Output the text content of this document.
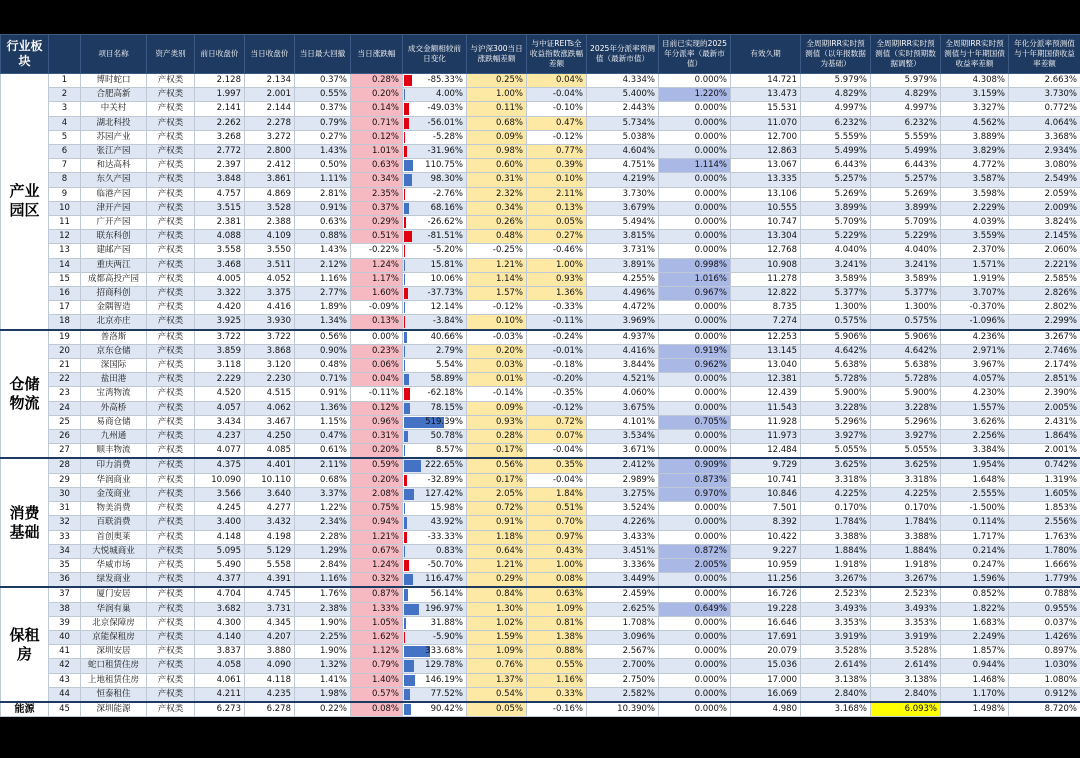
行业板块		项目名称	资产类别	前日收盘价	当日收盘价	当日最大回撤	当日涨跌幅	成交金额相较前日变化	与沪深300当日涨跌幅差额	与中证REITs全收益指数涨跌幅差额	2025年分派率预测值（最新市值）	目前已实现的2025年分派率（最新市值）	有效久期	全周期IRR实时预测值（以年报数据为基础）	全周期IRR实时预测值（实时预期数据调整）	全周期IRR实时预测值与十年期国债收益率差额	年化分派率预测值与十年期国债收益率差额
产业园区	1	博时蛇口	产权类	2.128	2.134	0.37%	0.28%	-85.33%	0.25%	0.04%	4.334%	0.000%	14.721	5.979%	5.979%	4.308%	2.663%
	2	合肥高新	产权类	1.997	2.001	0.55%	0.20%	4.00%	1.00%	-0.04%	5.400%	1.220%	13.473	4.829%	4.829%	3.159%	3.730%
	3	中关村	产权类	2.141	2.144	0.37%	0.14%	-49.03%	0.11%	-0.10%	2.443%	0.000%	15.531	4.997%	4.997%	3.327%	0.772%
	4	湖北科投	产权类	2.262	2.278	0.79%	0.71%	-56.01%	0.68%	0.47%	5.734%	0.000%	11.070	6.232%	6.232%	4.562%	4.064%
	5	苏园产业	产权类	3.268	3.272	0.27%	0.12%	-5.28%	0.09%	-0.12%	5.038%	0.000%	12.700	5.559%	5.559%	3.889%	3.368%
	6	张江产园	产权类	2.772	2.800	1.43%	1.01%	-31.96%	0.98%	0.77%	4.604%	0.000%	12.863	5.499%	5.499%	3.829%	2.934%
	7	和达高科	产权类	2.397	2.412	0.50%	0.63%	110.75%	0.60%	0.39%	4.751%	1.114%	13.067	6.443%	6.443%	4.772%	3.080%
	8	东久产园	产权类	3.848	3.861	1.11%	0.34%	98.30%	0.31%	0.10%	4.219%	0.000%	13.335	5.257%	5.257%	3.587%	2.549%
	9	临港产园	产权类	4.757	4.869	2.81%	2.35%	-2.76%	2.32%	2.11%	3.730%	0.000%	13.106	5.269%	5.269%	3.598%	2.059%
	10	津开产园	产权类	3.515	3.528	0.91%	0.37%	68.16%	0.34%	0.13%	3.679%	0.000%	10.555	3.899%	3.899%	2.229%	2.009%
	11	广开产园	产权类	2.381	2.388	0.63%	0.29%	-26.62%	0.26%	0.05%	5.494%	0.000%	10.747	5.709%	5.709%	4.039%	3.824%
	12	联东科创	产权类	4.088	4.109	0.88%	0.51%	-81.51%	0.48%	0.27%	3.815%	0.000%	13.304	5.229%	5.229%	3.559%	2.145%
	13	建邮产园	产权类	3.558	3.550	1.43%	-0.22%	-5.20%	-0.25%	-0.46%	3.731%	0.000%	12.768	4.040%	4.040%	2.370%	2.060%
	14	重庆两江	产权类	3.468	3.511	2.12%	1.24%	15.81%	1.21%	1.00%	3.891%	0.998%	10.908	3.241%	3.241%	1.571%	2.221%
	15	成都高投产园	产权类	4.005	4.052	1.16%	1.17%	10.06%	1.14%	0.93%	4.255%	1.016%	11.278	3.589%	3.589%	1.919%	2.585%
	16	招商科创	产权类	3.322	3.375	2.77%	1.60%	-37.73%	1.57%	1.36%	4.496%	0.967%	12.822	5.377%	5.377%	3.707%	2.826%
	17	金隅智造	产权类	4.420	4.416	1.89%	-0.09%	12.14%	-0.12%	-0.33%	4.472%	0.000%	8.735	1.300%	1.300%	-0.370%	2.802%
	18	北京亦庄	产权类	3.925	3.930	1.34%	0.13%	-3.84%	0.10%	-0.11%	3.969%	0.000%	7.274	0.575%	0.575%	-1.096%	2.299%
仓储物流	19	普洛斯	产权类	3.722	3.722	0.56%	0.00%	40.66%	-0.03%	-0.24%	4.937%	0.000%	12.253	5.906%	5.906%	4.236%	3.267%
	20	京东仓储	产权类	3.859	3.868	0.90%	0.23%	2.79%	0.20%	-0.01%	4.416%	0.919%	13.145	4.642%	4.642%	2.971%	2.746%
	21	深国际	产权类	3.118	3.120	0.48%	0.06%	5.54%	0.03%	-0.18%	3.844%	0.962%	13.040	5.638%	5.638%	3.967%	2.174%
	22	盐田港	产权类	2.229	2.230	0.71%	0.04%	58.89%	0.01%	-0.20%	4.521%	0.000%	12.381	5.728%	5.728%	4.057%	2.851%
	23	宝湾物流	产权类	4.520	4.515	0.91%	-0.11%	-62.18%	-0.14%	-0.35%	4.060%	0.000%	12.439	5.900%	5.900%	4.230%	2.390%
	24	外高桥	产权类	4.057	4.062	1.36%	0.12%	78.15%	0.09%	-0.12%	3.675%	0.000%	11.543	3.228%	3.228%	1.557%	2.005%
	25	易商仓储	产权类	3.434	3.467	1.15%	0.96%	519.39%	0.93%	0.72%	4.101%	0.705%	11.928	5.296%	5.296%	3.626%	2.431%
	26	九州通	产权类	4.237	4.250	0.47%	0.31%	50.78%	0.28%	0.07%	3.534%	0.000%	11.973	3.927%	3.927%	2.256%	1.864%
	27	顺丰物流	产权类	4.077	4.085	0.61%	0.20%	8.57%	0.17%	-0.04%	3.671%	0.000%	12.484	5.055%	5.055%	3.384%	2.001%
消费基础	28	印力消费	产权类	4.375	4.401	2.11%	0.59%	222.65%	0.56%	0.35%	2.412%	0.909%	9.729	3.625%	3.625%	1.954%	0.742%
	29	华润商业	产权类	10.090	10.110	0.68%	0.20%	-32.89%	0.17%	-0.04%	2.989%	0.873%	10.741	3.318%	3.318%	1.648%	1.319%
	30	金茂商业	产权类	3.566	3.640	3.37%	2.08%	127.42%	2.05%	1.84%	3.275%	0.970%	10.846	4.225%	4.225%	2.555%	1.605%
	31	物美消费	产权类	4.245	4.277	1.22%	0.75%	15.98%	0.72%	0.51%	3.524%	0.000%	7.501	0.170%	0.170%	-1.500%	1.853%
	32	百联消费	产权类	3.400	3.432	2.34%	0.94%	43.92%	0.91%	0.70%	4.226%	0.000%	8.392	1.784%	1.784%	0.114%	2.556%
	33	首创奥莱	产权类	4.148	4.198	2.28%	1.21%	-33.33%	1.18%	0.97%	3.433%	0.000%	10.422	3.388%	3.388%	1.717%	1.763%
	34	大悦城商业	产权类	5.095	5.129	1.29%	0.67%	0.83%	0.64%	0.43%	3.451%	0.872%	9.227	1.884%	1.884%	0.214%	1.780%
	35	华威市场	产权类	5.490	5.558	2.84%	1.24%	-50.70%	1.21%	1.00%	3.336%	2.005%	10.959	1.918%	1.918%	0.247%	1.666%
	36	绿发商业	产权类	4.377	4.391	1.16%	0.32%	116.47%	0.29%	0.08%	3.449%	0.000%	11.256	3.267%	3.267%	1.596%	1.779%
保租房	37	厦门安居	产权类	4.704	4.745	1.76%	0.87%	56.14%	0.84%	0.63%	2.459%	0.000%	16.726	2.523%	2.523%	0.852%	0.788%
	38	华润有巢	产权类	3.682	3.731	2.38%	1.33%	196.97%	1.30%	1.09%	2.625%	0.649%	19.228	3.493%	3.493%	1.822%	0.955%
	39	北京保障房	产权类	4.300	4.345	1.90%	1.05%	31.88%	1.02%	0.81%	1.708%	0.000%	16.646	3.353%	3.353%	1.683%	0.037%
	40	京能保租房	产权类	4.140	4.207	2.25%	1.62%	-5.90%	1.59%	1.38%	3.096%	0.000%	17.691	3.919%	3.919%	2.249%	1.426%
	41	深圳安居	产权类	3.837	3.880	1.90%	1.12%	333.68%	1.09%	0.88%	2.567%	0.000%	20.079	3.528%	3.528%	1.857%	0.897%
	42	蛇口租赁住房	产权类	4.058	4.090	1.32%	0.79%	129.78%	0.76%	0.55%	2.700%	0.000%	15.036	2.614%	2.614%	0.944%	1.030%
	43	上地租赁住房	产权类	4.061	4.118	1.41%	1.40%	146.19%	1.37%	1.16%	2.750%	0.000%	17.000	3.138%	3.138%	1.468%	1.080%
	44	恒泰租住	产权类	4.211	4.235	1.98%	0.57%	77.52%	0.54%	0.33%	2.582%	0.000%	16.069	2.840%	2.840%	1.170%	0.912%
能源	45	深圳能源	产权类	6.273	6.278	0.22%	0.08%	90.42%	0.05%	-0.16%	10.390%	0.000%	4.980	3.168%	6.093%	1.498%	8.720%
